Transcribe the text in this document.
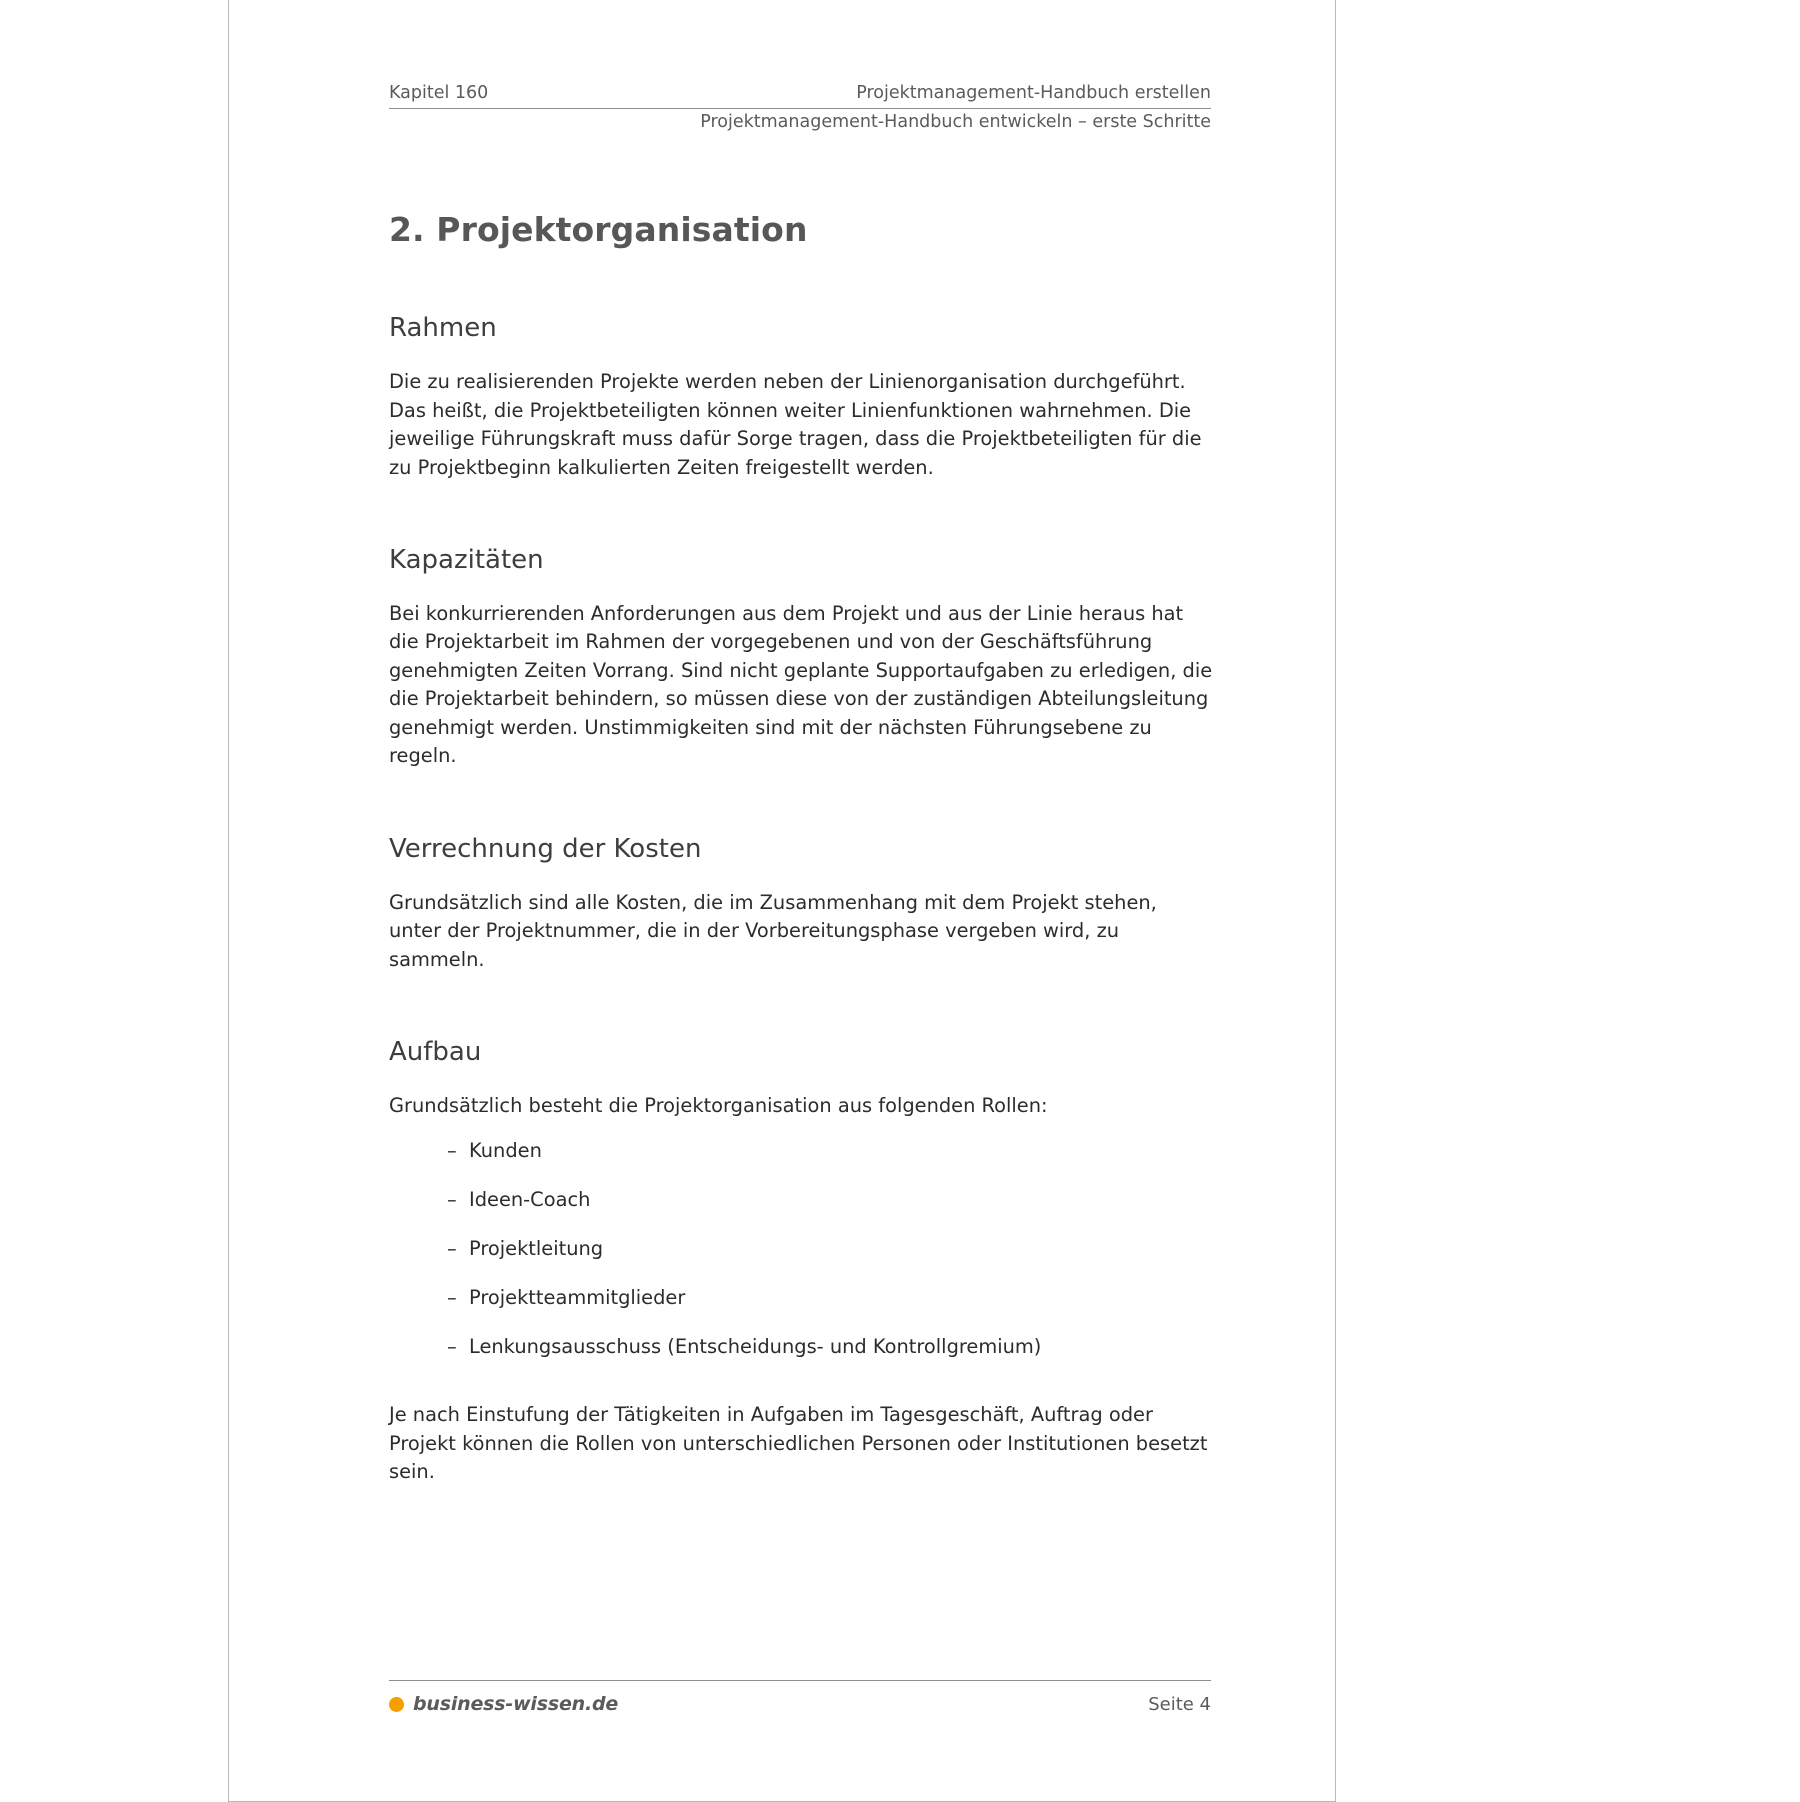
Kapitel 160	Projektmanagement-Handbuch erstellen
Projektmanagement-Handbuch entwickeln – erste Schritte
2. Projektorganisation
Rahmen

Die zu realisierenden Projekte werden neben der Linienorganisation durchgeführt. Das heißt, die Projektbeteiligten können weiter Linienfunktionen wahrnehmen. Die jeweilige Führungskraft muss dafür Sorge tragen, dass die Projektbeteiligten für die zu Projektbeginn kalkulierten Zeiten freigestellt werden.

Kapazitäten

Bei konkurrierenden Anforderungen aus dem Projekt und aus der Linie heraus hat die Projektarbeit im Rahmen der vorgegebenen und von der Geschäftsführung genehmigten Zeiten Vorrang. Sind nicht geplante Supportaufgaben zu erledigen, die die Projektarbeit behindern, so müssen diese von der zuständigen Abteilungsleitung genehmigt werden. Unstimmigkeiten sind mit der nächsten Führungsebene zu regeln.

Verrechnung der Kosten

Grundsätzlich sind alle Kosten, die im Zusammenhang mit dem Projekt stehen, unter der Projektnummer, die in der Vorbereitungsphase vergeben wird, zu sammeln.

Aufbau

Grundsätzlich besteht die Projektorganisation aus folgenden Rollen:

– Kunden
– Ideen-Coach
– Projektleitung
– Projektteammitglieder
– Lenkungsausschuss (Entscheidungs- und Kontrollgremium)

Je nach Einstufung der Tätigkeiten in Aufgaben im Tagesgeschäft, Auftrag oder Projekt können die Rollen von unterschiedlichen Personen oder Institutionen besetzt sein.

business-wissen.de	Seite 4
